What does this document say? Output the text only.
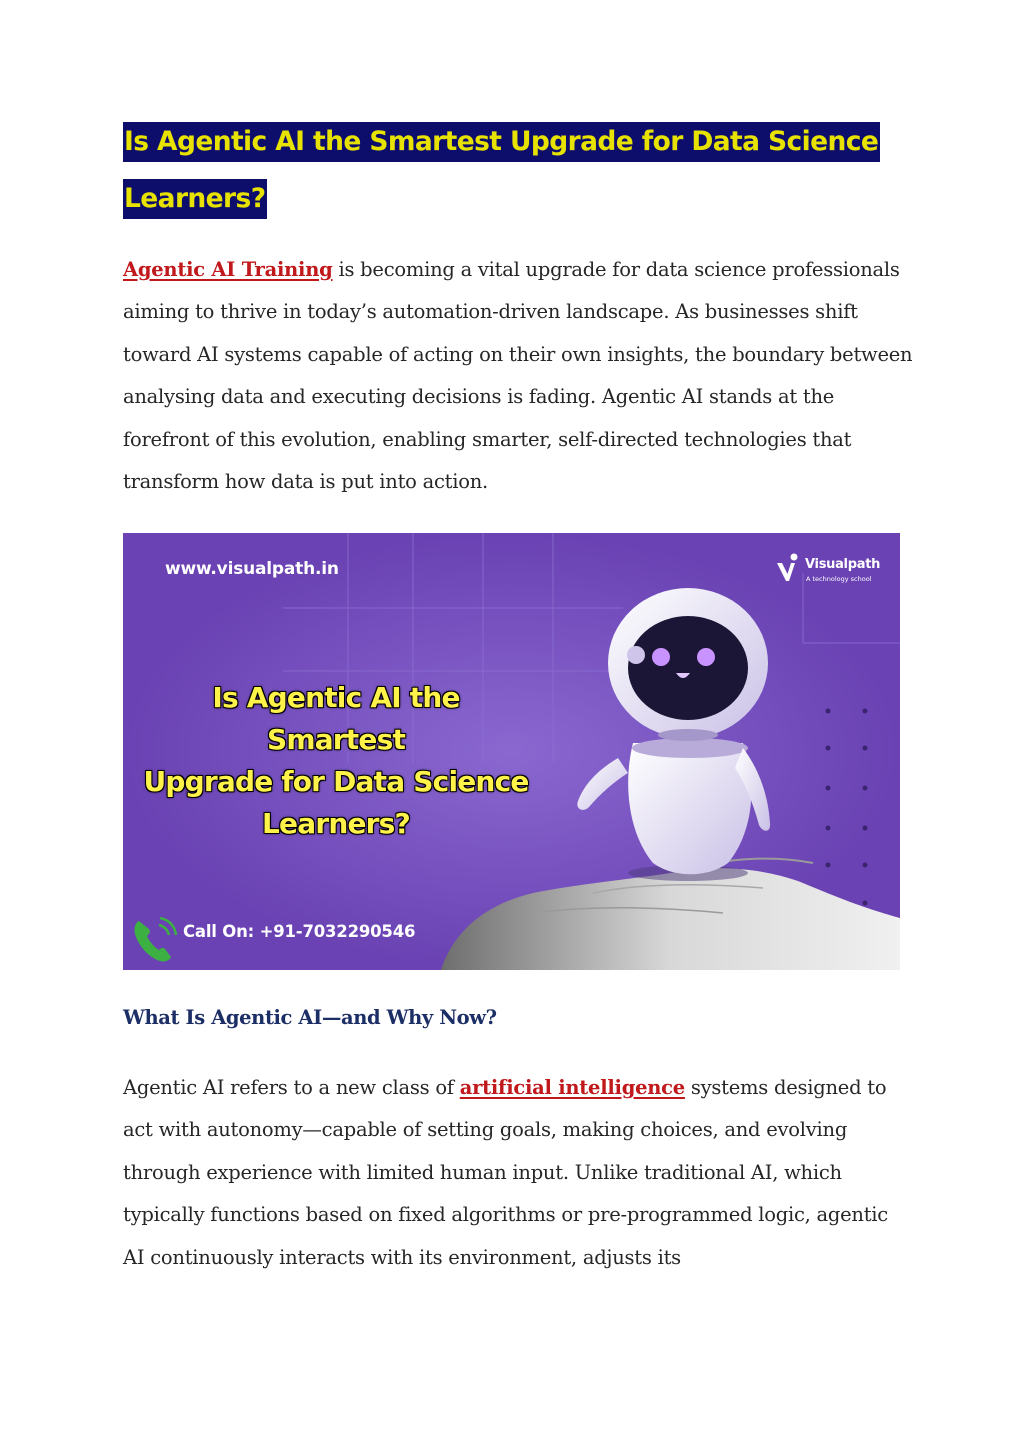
Is Agentic AI the Smartest Upgrade for Data Science
Learners?

Agentic AI Training is becoming a vital upgrade for data science professionals aiming to thrive in today’s automation-driven landscape. As businesses shift toward AI systems capable of acting on their own insights, the boundary between analysing data and executing decisions is fading. Agentic AI stands at the forefront of this evolution, enabling smarter, self-directed technologies that transform how data is put into action.

www.visualpath.in	Visualpath
A technology school
Is Agentic AI the Smartest
Upgrade for Data Science
Learners?
Call On: +91-7032290546
What Is Agentic AI—and Why Now?

Agentic AI refers to a new class of artificial intelligence systems designed to act with autonomy—capable of setting goals, making choices, and evolving through experience with limited human input. Unlike traditional AI, which typically functions based on fixed algorithms or pre-programmed logic, agentic AI continuously interacts with its environment, adjusts its
